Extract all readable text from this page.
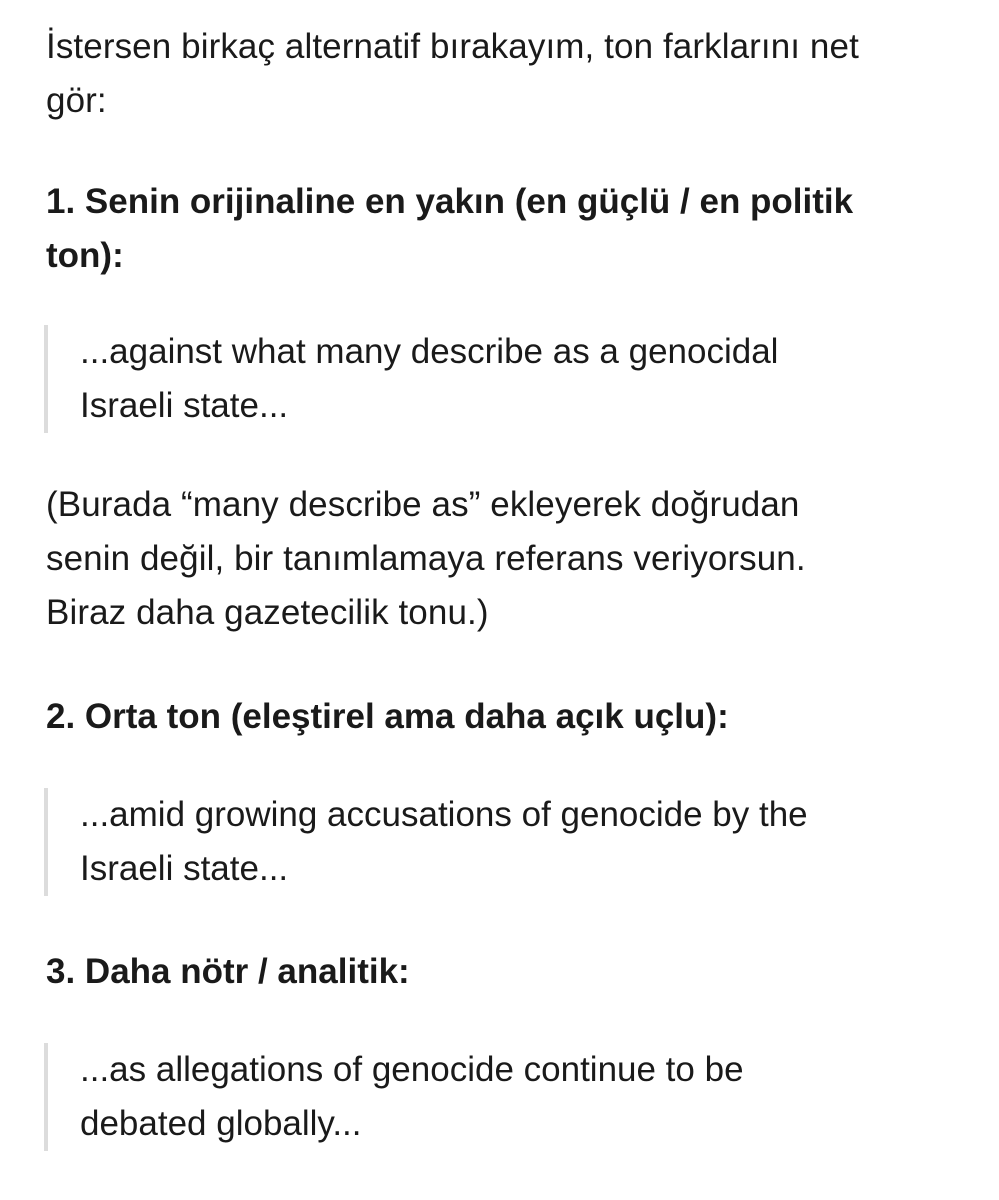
İstersen birkaç alternatif bırakayım, ton farklarını net
gör:

1. Senin orijinaline en yakın (en güçlü / en politik
ton):

...against what many describe as a genocidal
Israeli state...

(Burada “many describe as” ekleyerek doğrudan
senin değil, bir tanımlamaya referans veriyorsun.
Biraz daha gazetecilik tonu.)

2. Orta ton (eleştirel ama daha açık uçlu):

...amid growing accusations of genocide by the
Israeli state...

3. Daha nötr / analitik:

...as allegations of genocide continue to be
debated globally...
